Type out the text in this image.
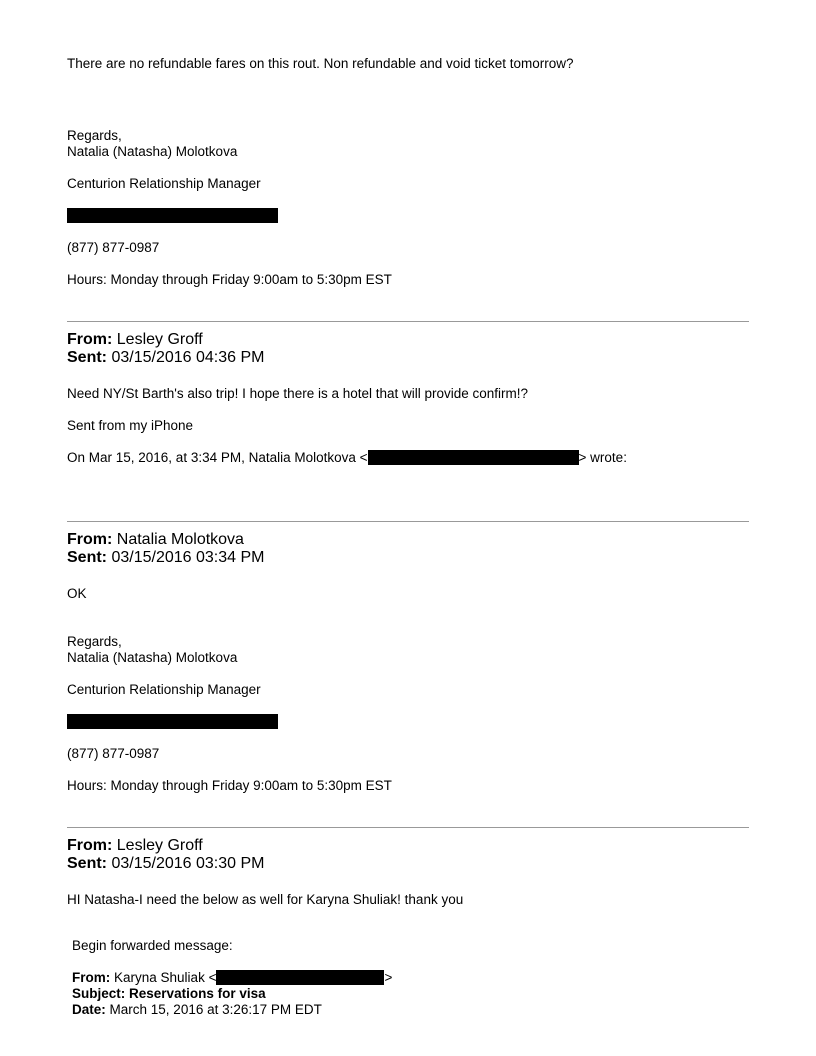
There are no refundable fares on this rout. Non refundable and void ticket tomorrow?
Regards,
Natalia (Natasha) Molotkova
Centurion Relationship Manager
(877) 877-0987
Hours: Monday through Friday 9:00am to 5:30pm EST
From: Lesley Groff
Sent: 03/15/2016 04:36 PM
Need NY/St Barth's also trip! I hope there is a hotel that will provide confirm!?
Sent from my iPhone
On Mar 15, 2016, at 3:34 PM, Natalia Molotkova <	> wrote:
From: Natalia Molotkova
Sent: 03/15/2016 03:34 PM
OK
Regards,
Natalia (Natasha) Molotkova
Centurion Relationship Manager
(877) 877-0987
Hours: Monday through Friday 9:00am to 5:30pm EST
From: Lesley Groff
Sent: 03/15/2016 03:30 PM
HI Natasha-I need the below as well for Karyna Shuliak! thank you
Begin forwarded message:
From: Karyna Shuliak <	>
Subject: Reservations for visa
Date: March 15, 2016 at 3:26:17 PM EDT
